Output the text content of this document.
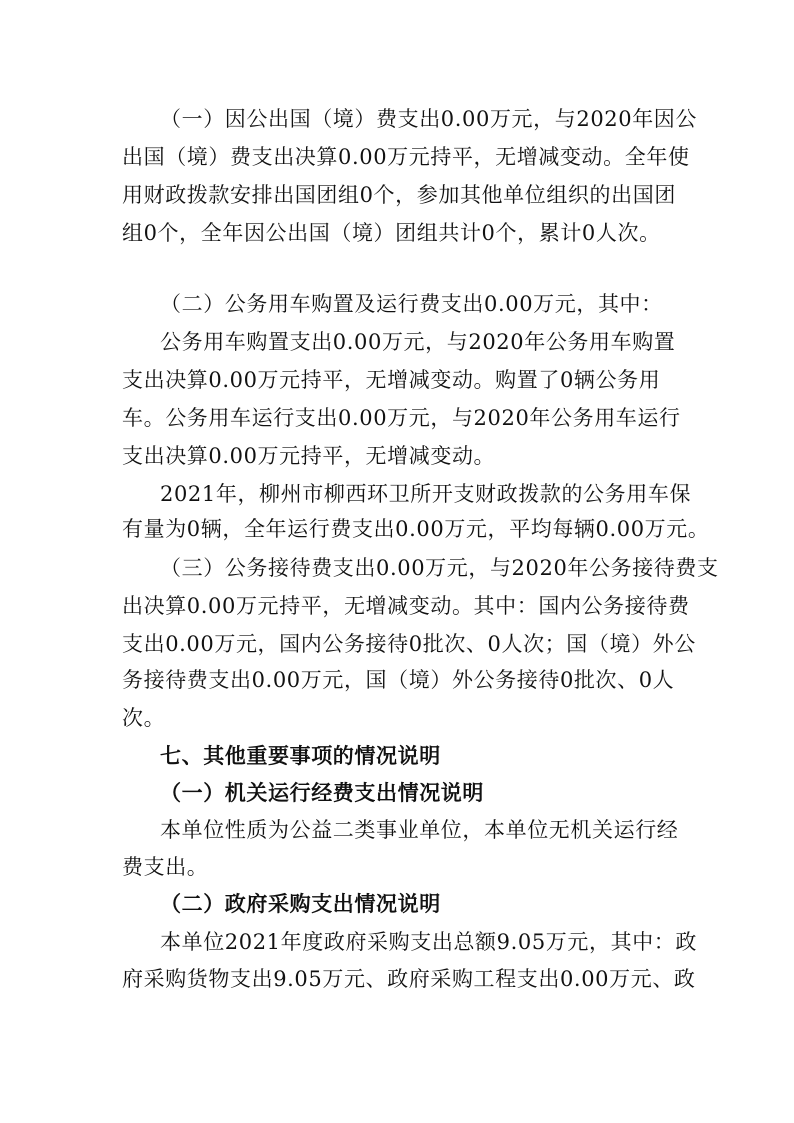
（一）因公出国（境）费支出0.00万元，与2020年因公
出国（境）费支出决算0.00万元持平，无增减变动。全年使
用财政拨款安排出国团组0个，参加其他单位组织的出国团
组0个，全年因公出国（境）团组共计0个，累计0人次。
（二）公务用车购置及运行费支出0.00万元，其中：
公务用车购置支出0.00万元，与2020年公务用车购置
支出决算0.00万元持平，无增减变动。购置了0辆公务用
车。公务用车运行支出0.00万元，与2020年公务用车运行
支出决算0.00万元持平，无增减变动。
2021年，柳州市柳西环卫所开支财政拨款的公务用车保
有量为0辆，全年运行费支出0.00万元，平均每辆0.00万元。
（三）公务接待费支出0.00万元，与2020年公务接待费支
出决算0.00万元持平，无增减变动。其中：国内公务接待费
支出0.00万元，国内公务接待0批次、0人次；国（境）外公
务接待费支出0.00万元，国（境）外公务接待0批次、0人
次。
七、其他重要事项的情况说明
（一）机关运行经费支出情况说明
本单位性质为公益二类事业单位，本单位无机关运行经
费支出。
（二）政府采购支出情况说明
本单位2021年度政府采购支出总额9.05万元，其中：政
府采购货物支出9.05万元、政府采购工程支出0.00万元、政
